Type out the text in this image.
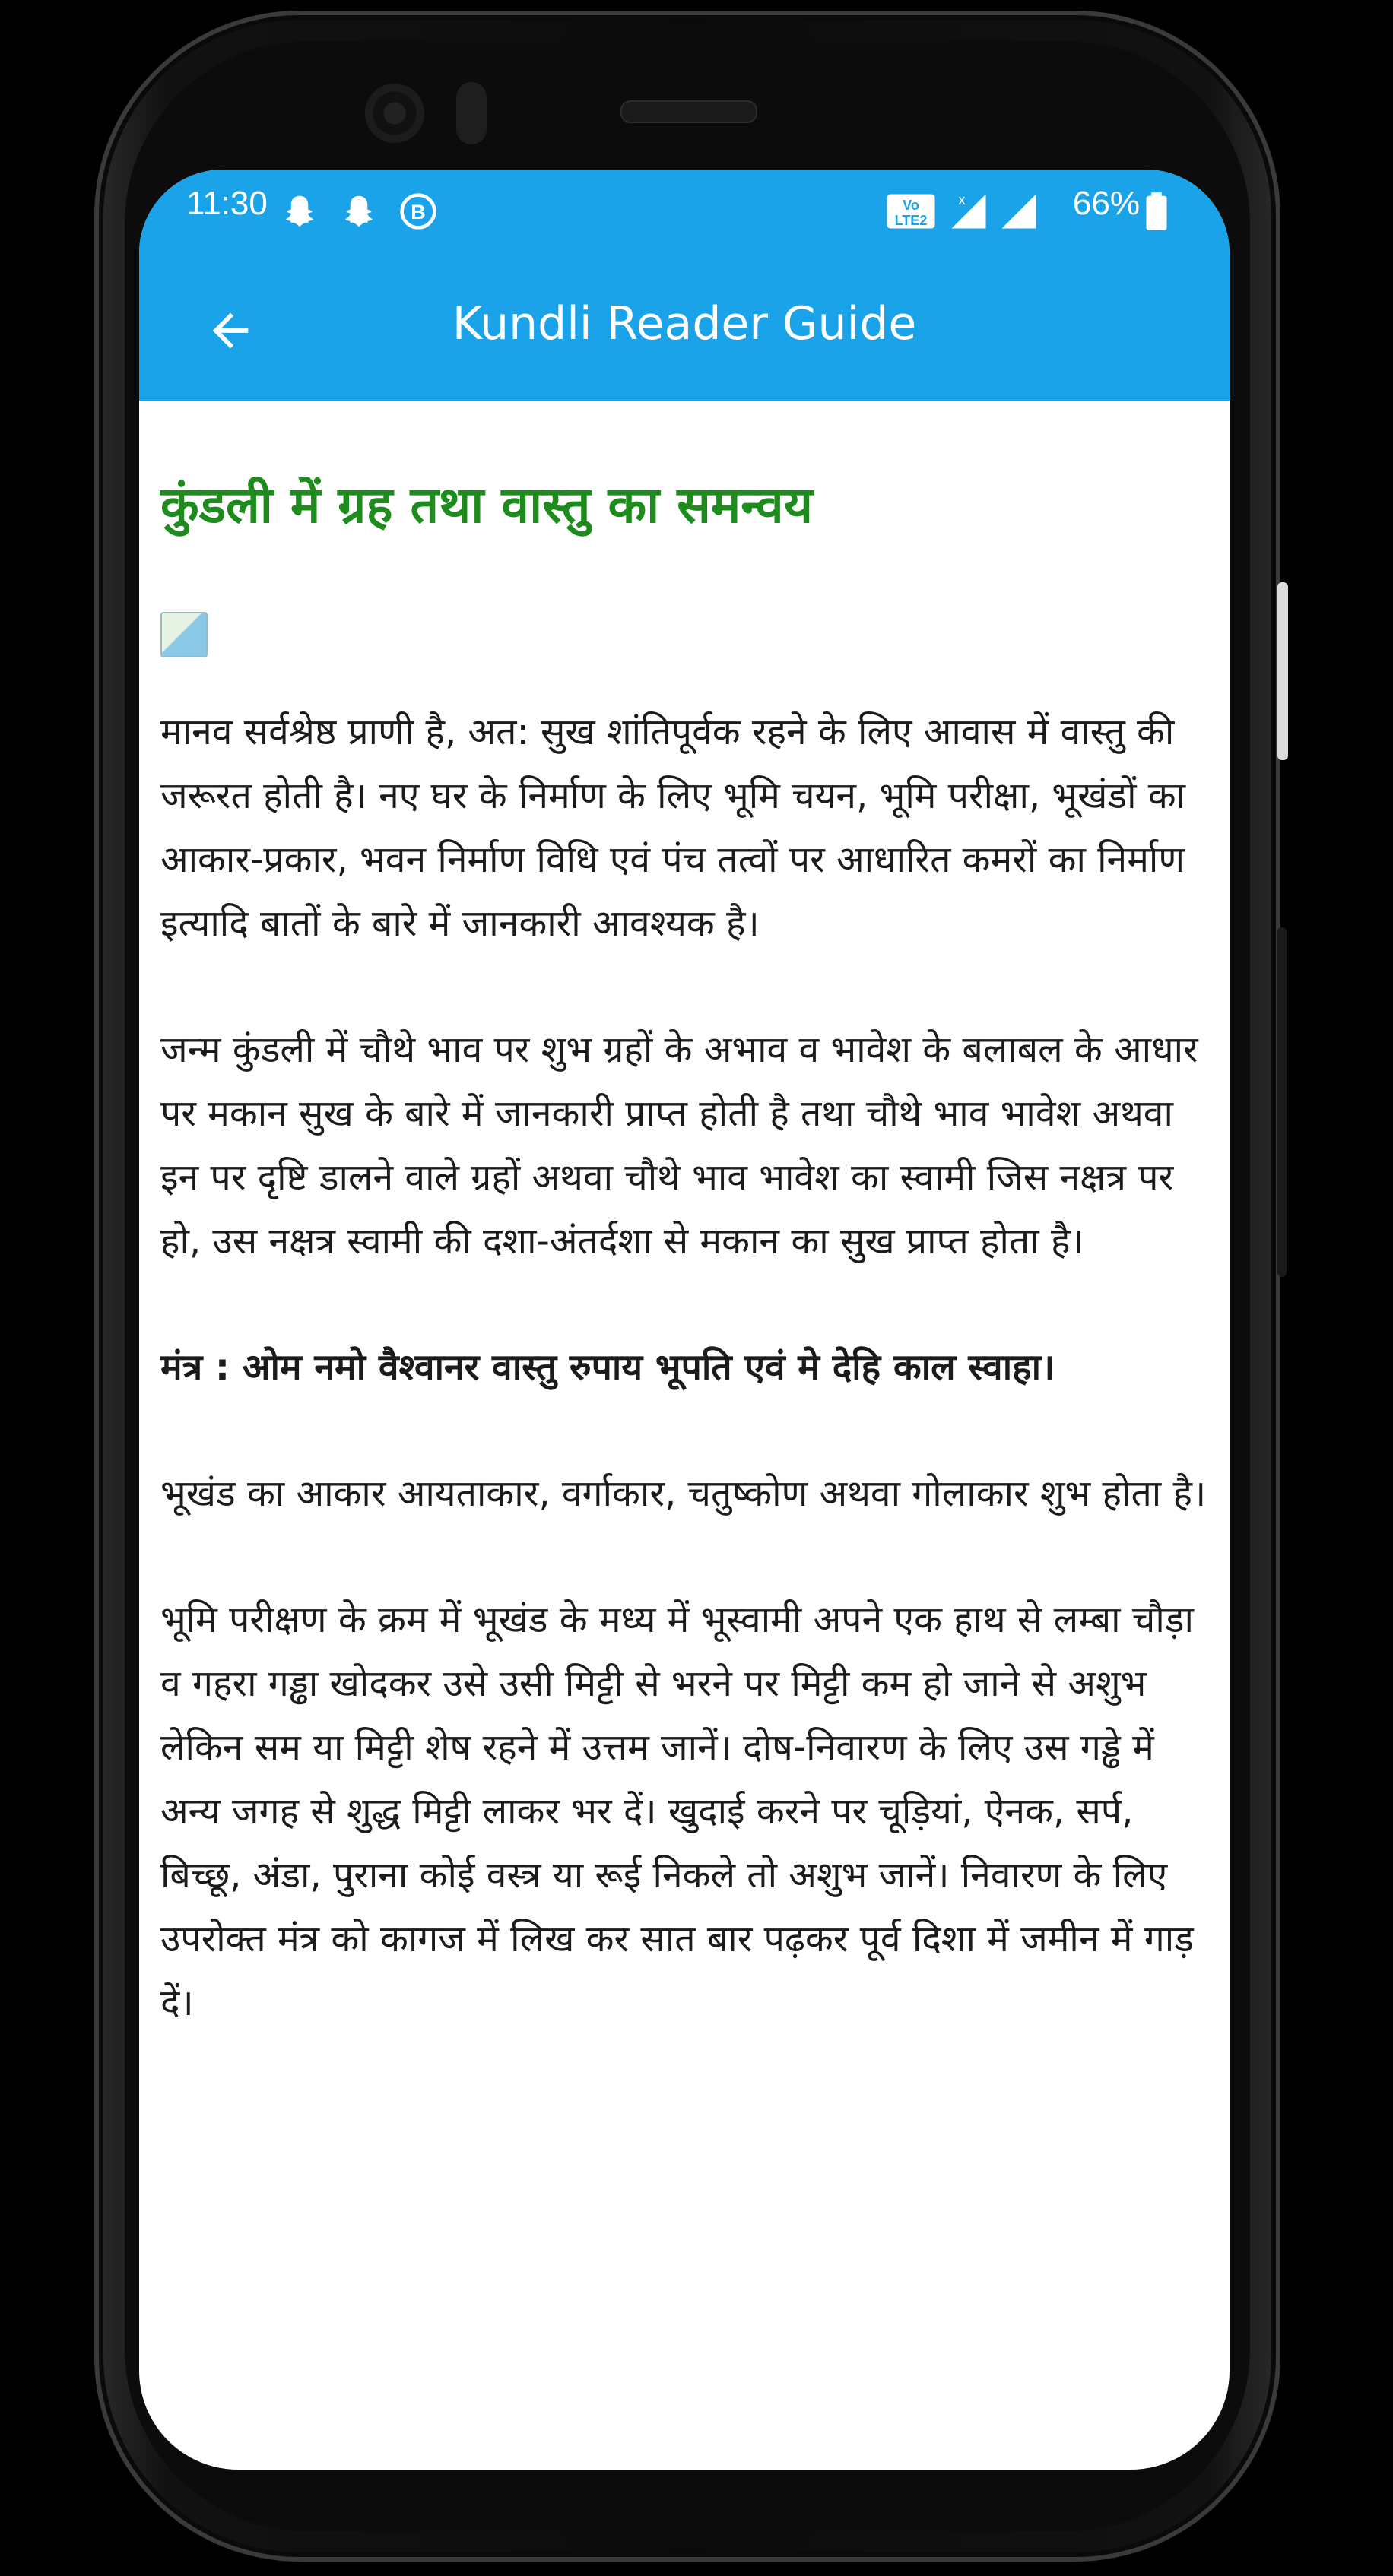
11:30	B	Vo
LTE2
x	66%
Kundli Reader Guide
कुंडली में ग्रह तथा वास्तु का समन्वय

मानव सर्वश्रेष्ठ प्राणी है, अत: सुख शांतिपूर्वक रहने के लिए आवास में वास्तु की जरूरत होती है। नए घर के निर्माण के लिए भूमि चयन, भूमि परीक्षा, भूखंडों का आकार-प्रकार, भवन निर्माण विधि एवं पंच तत्वों पर आधारित कमरों का निर्माण इत्यादि बातों के बारे में जानकारी आवश्यक है।

जन्म कुंडली में चौथे भाव पर शुभ ग्रहों के अभाव व भावेश के बलाबल के आधार पर मकान सुख के बारे में जानकारी प्राप्त होती है तथा चौथे भाव भावेश अथवा इन पर दृष्टि डालने वाले ग्रहों अथवा चौथे भाव भावेश का स्वामी जिस नक्षत्र पर हो, उस नक्षत्र स्वामी की दशा-अंतर्दशा से मकान का सुख प्राप्त होता है।

मंत्र : ओम नमो वैश्वानर वास्तु रुपाय भूपति एवं मे देहि काल स्वाहा।

भूखंड का आकार आयताकार, वर्गाकार, चतुष्कोण अथवा गोलाकार शुभ होता है।

भूमि परीक्षण के क्रम में भूखंड के मध्य में भूस्वामी अपने एक हाथ से लम्बा चौड़ा व गहरा गड्ढा खोदकर उसे उसी मिट्टी से भरने पर मिट्टी कम हो जाने से अशुभ लेकिन सम या मिट्टी शेष रहने में उत्तम जानें। दोष-निवारण के लिए उस गड्ढे में अन्य जगह से शुद्ध मिट्टी लाकर भर दें। खुदाई करने पर चूड़ियां, ऐनक, सर्प, बिच्छू, अंडा, पुराना कोई वस्त्र या रूई निकले तो अशुभ जानें। निवारण के लिए उपरोक्त मंत्र को कागज में लिख कर सात बार पढ़कर पूर्व दिशा में जमीन में गाड़ दें।
